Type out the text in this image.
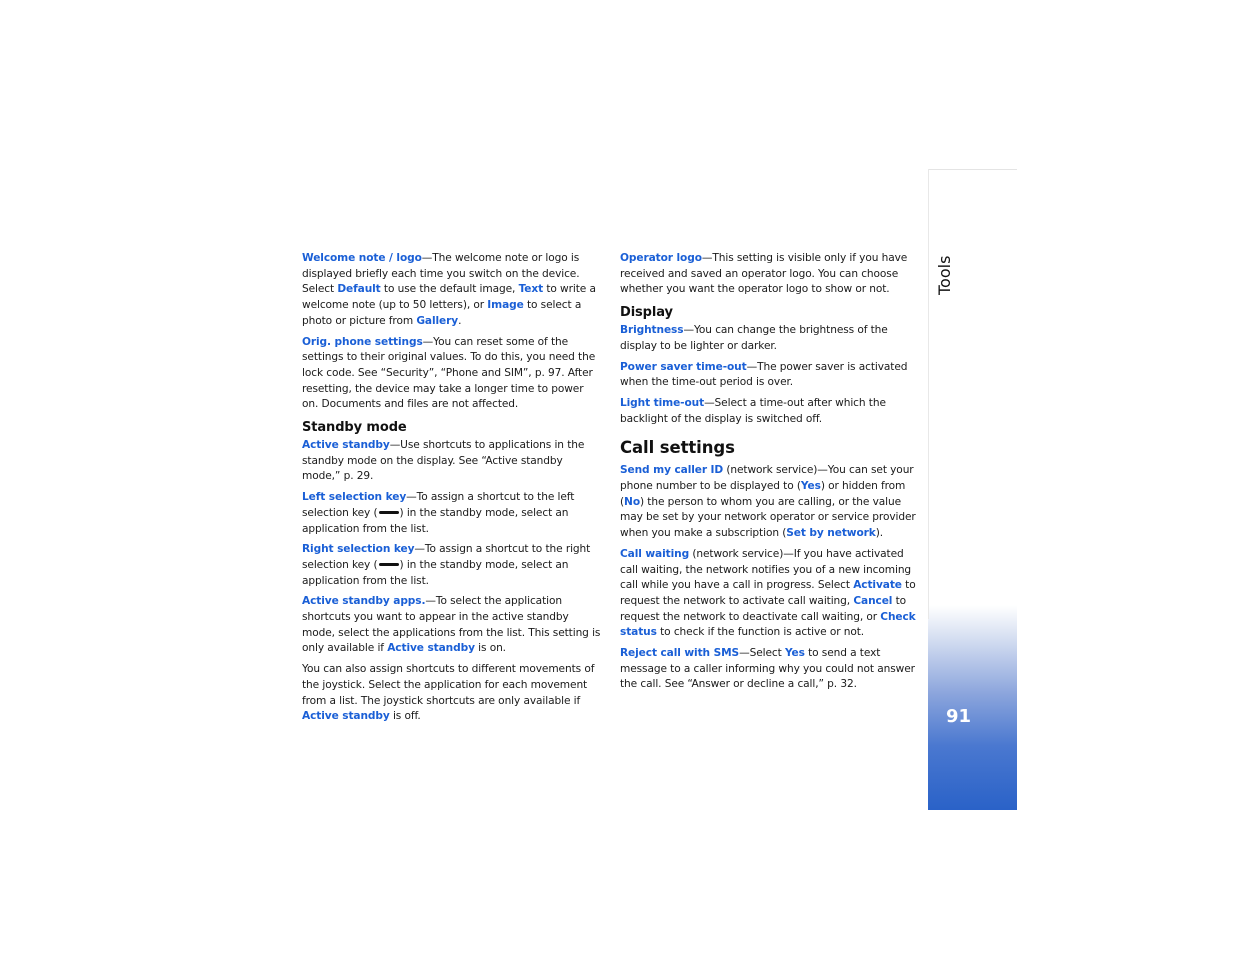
Welcome note / logo—The welcome note or logo is displayed briefly each time you switch on the device. Select Default to use the default image, Text to write a welcome note (up to 50 letters), or Image to select a photo or picture from Gallery.

Orig. phone settings—You can reset some of the settings to their original values. To do this, you need the lock code. See “Security”, “Phone and SIM”, p. 97. After resetting, the device may take a longer time to power on. Documents and files are not affected.

Standby mode

Active standby—Use shortcuts to applications in the standby mode on the display. See “Active standby mode,” p. 29.

Left selection key—To assign a shortcut to the left selection key ( ) in the standby mode, select an application from the list.

Right selection key—To assign a shortcut to the right selection key ( ) in the standby mode, select an application from the list.

Active standby apps.—To select the application shortcuts you want to appear in the active standby mode, select the applications from the list. This setting is only available if Active standby is on.

You can also assign shortcuts to different movements of the joystick. Select the application for each movement from a list. The joystick shortcuts are only available if Active standby is off.

Operator logo—This setting is visible only if you have received and saved an operator logo. You can choose whether you want the operator logo to show or not.

Display

Brightness—You can change the brightness of the display to be lighter or darker.

Power saver time-out—The power saver is activated when the time-out period is over.

Light time-out—Select a time-out after which the backlight of the display is switched off.

Call settings

Send my caller ID (network service)—You can set your phone number to be displayed to (Yes) or hidden from (No) the person to whom you are calling, or the value may be set by your network operator or service provider when you make a subscription (Set by network).

Call waiting (network service)—If you have activated call waiting, the network notifies you of a new incoming call while you have a call in progress. Select Activate to request the network to activate call waiting, Cancel to request the network to deactivate call waiting, or Check status to check if the function is active or not.

Reject call with SMS—Select Yes to send a text message to a caller informing why you could not answer the call. See “Answer or decline a call,” p. 32.

Tools
91
